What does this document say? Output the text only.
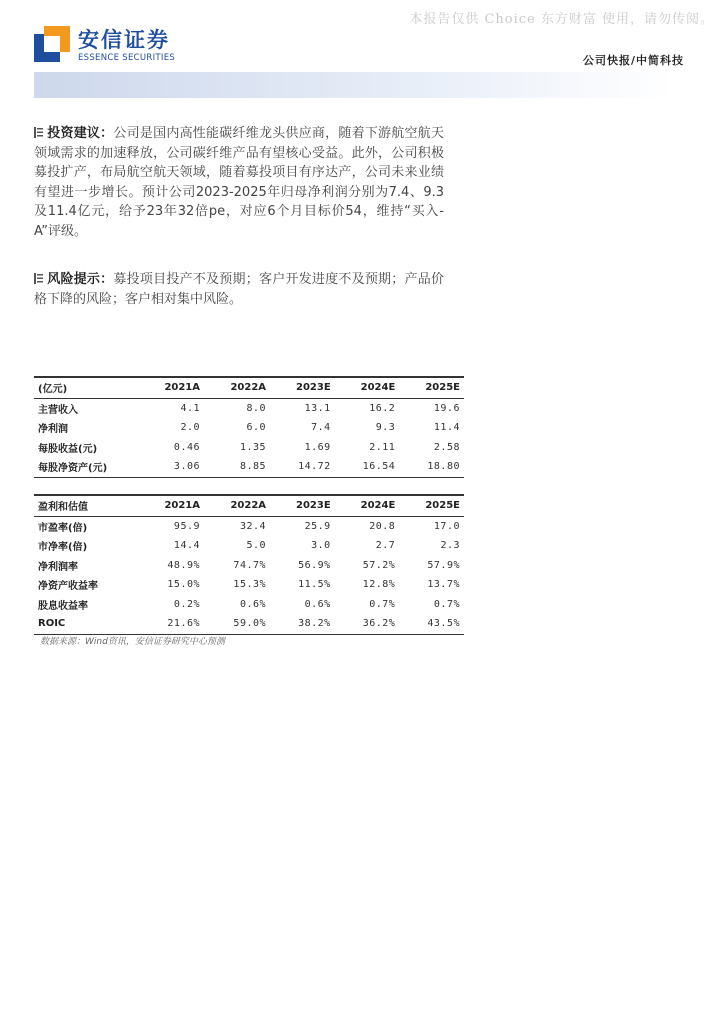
本报告仅供 Choice 东方财富 使用，请勿传阅。
安信证券
ESSENCE SECURITIES	公司快报/中简科技
投资建议：公司是国内高性能碳纤维龙头供应商，随着下游航空航天领域需求的加速释放，公司碳纤维产品有望核心受益。此外，公司积极募投扩产，布局航空航天领域，随着募投项目有序达产，公司未来业绩有望进一步增长。预计公司2023-2025年归母净利润分别为7.4、9.3及11.4亿元，给予23年32倍pe，对应6个月目标价54，维持“买入-A”评级。
风险提示：募投项目投产不及预期；客户开发进度不及预期；产品价格下降的风险；客户相对集中风险。
(亿元)	2021A	2022A	2023E	2024E	2025E
主营收入	4.1	8.0	13.1	16.2	19.6
净利润	2.0	6.0	7.4	9.3	11.4
每股收益(元)	0.46	1.35	1.69	2.11	2.58
每股净资产(元)	3.06	8.85	14.72	16.54	18.80
盈利和估值	2021A	2022A	2023E	2024E	2025E
市盈率(倍)	95.9	32.4	25.9	20.8	17.0
市净率(倍)	14.4	5.0	3.0	2.7	2.3
净利润率	48.9%	74.7%	56.9%	57.2%	57.9%
净资产收益率	15.0%	15.3%	11.5%	12.8%	13.7%
股息收益率	0.2%	0.6%	0.6%	0.7%	0.7%
ROIC	21.6%	59.0%	38.2%	36.2%	43.5%
数据来源：Wind资讯，安信证券研究中心预测
